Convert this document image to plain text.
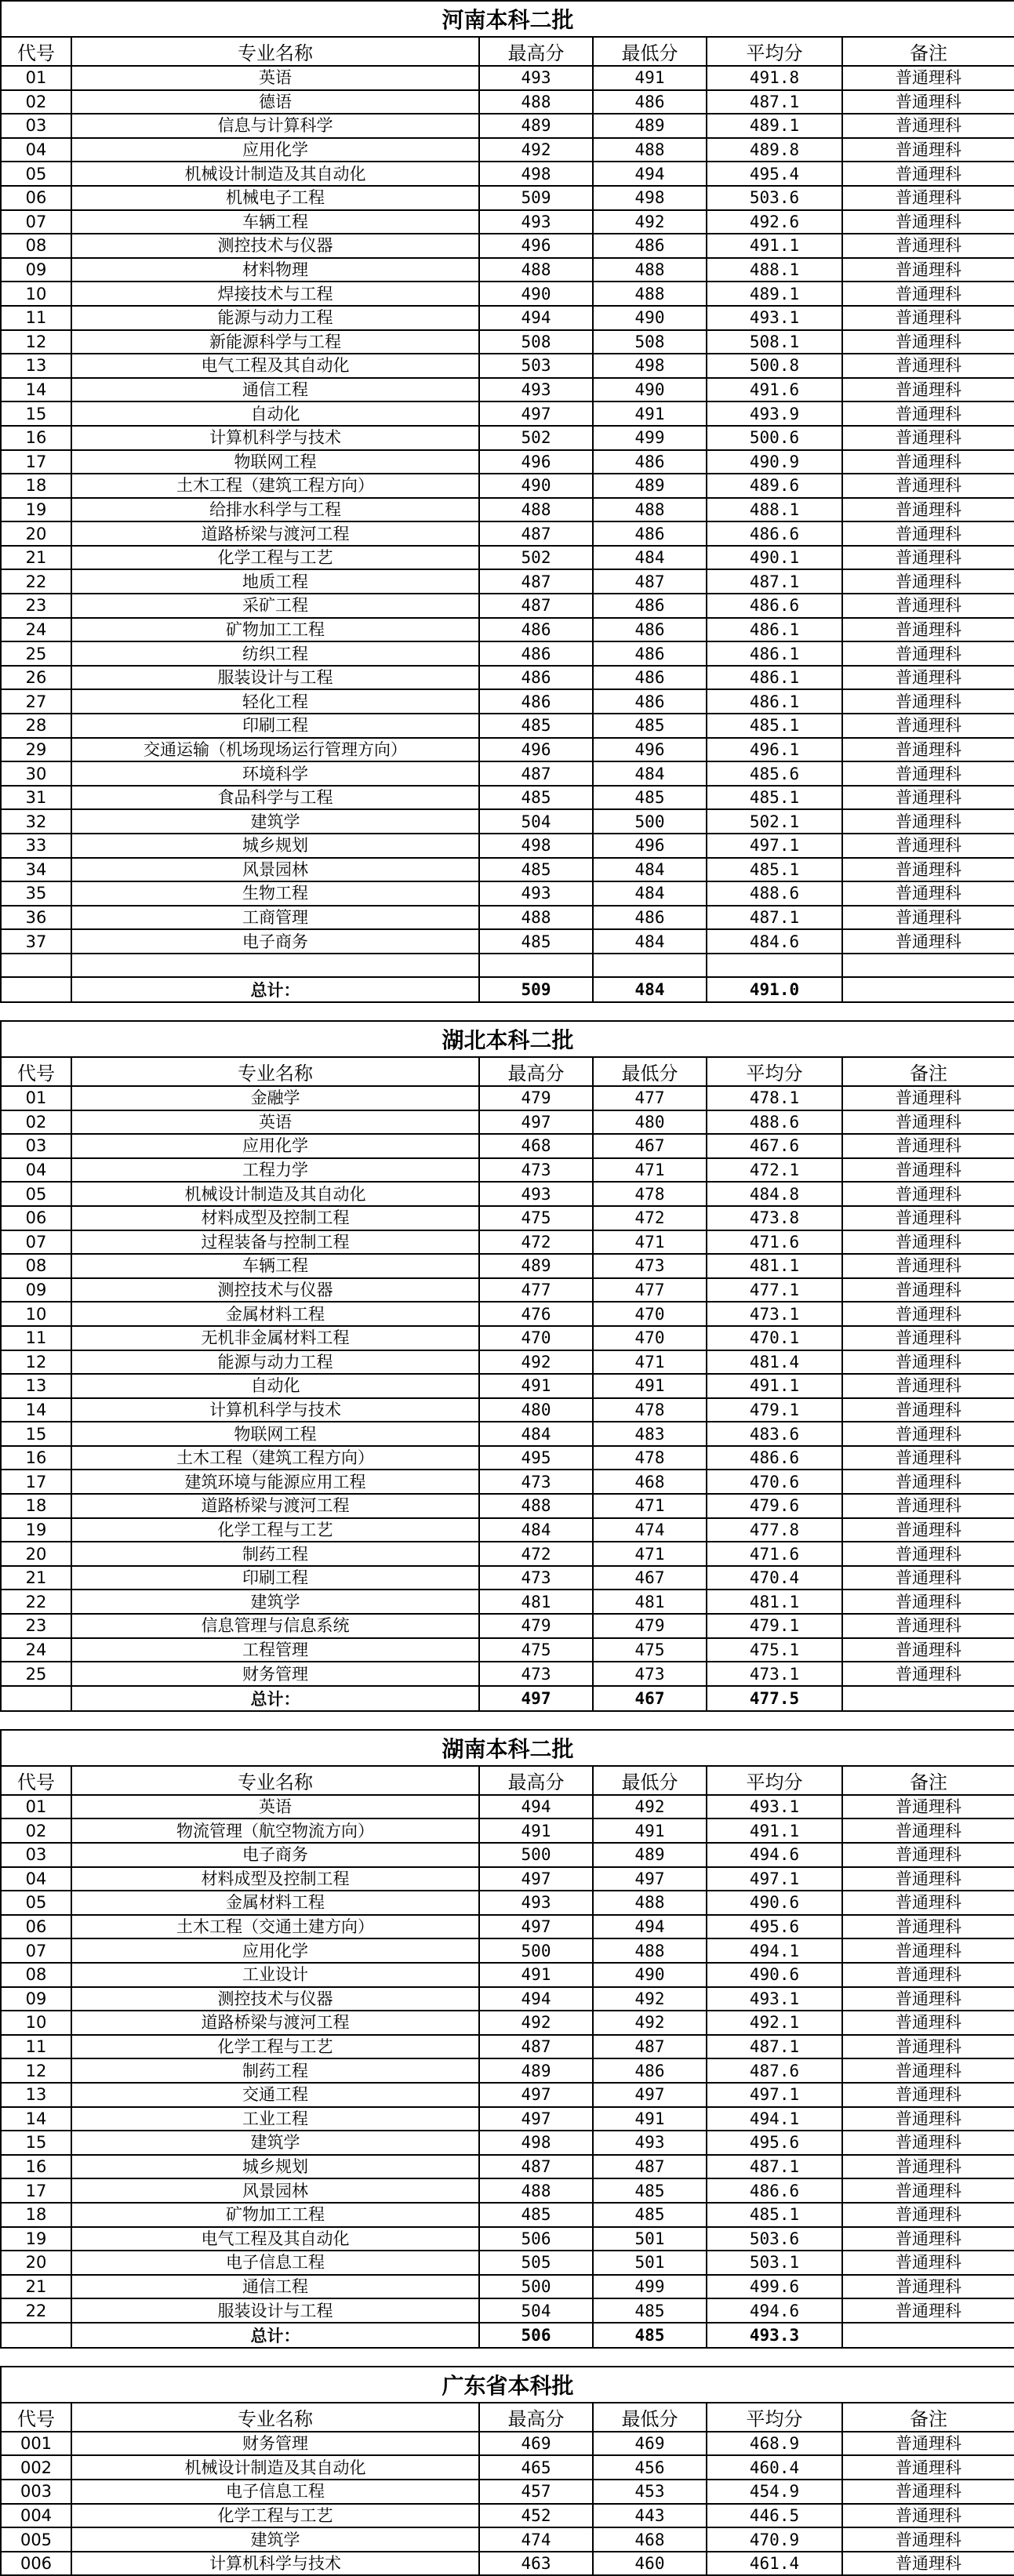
河南本科二批					
代号	专业名称	最高分	最低分	平均分	备注
01	英语	493	491	491.8	普通理科
02	德语	488	486	487.1	普通理科
03	信息与计算科学	489	489	489.1	普通理科
04	应用化学	492	488	489.8	普通理科
05	机械设计制造及其自动化	498	494	495.4	普通理科
06	机械电子工程	509	498	503.6	普通理科
07	车辆工程	493	492	492.6	普通理科
08	测控技术与仪器	496	486	491.1	普通理科
09	材料物理	488	488	488.1	普通理科
10	焊接技术与工程	490	488	489.1	普通理科
11	能源与动力工程	494	490	493.1	普通理科
12	新能源科学与工程	508	508	508.1	普通理科
13	电气工程及其自动化	503	498	500.8	普通理科
14	通信工程	493	490	491.6	普通理科
15	自动化	497	491	493.9	普通理科
16	计算机科学与技术	502	499	500.6	普通理科
17	物联网工程	496	486	490.9	普通理科
18	土木工程（建筑工程方向）	490	489	489.6	普通理科
19	给排水科学与工程	488	488	488.1	普通理科
20	道路桥梁与渡河工程	487	486	486.6	普通理科
21	化学工程与工艺	502	484	490.1	普通理科
22	地质工程	487	487	487.1	普通理科
23	采矿工程	487	486	486.6	普通理科
24	矿物加工工程	486	486	486.1	普通理科
25	纺织工程	486	486	486.1	普通理科
26	服装设计与工程	486	486	486.1	普通理科
27	轻化工程	486	486	486.1	普通理科
28	印刷工程	485	485	485.1	普通理科
29	交通运输（机场现场运行管理方向）	496	496	496.1	普通理科
30	环境科学	487	484	485.6	普通理科
31	食品科学与工程	485	485	485.1	普通理科
32	建筑学	504	500	502.1	普通理科
33	城乡规划	498	496	497.1	普通理科
34	风景园林	485	484	485.1	普通理科
35	生物工程	493	484	488.6	普通理科
36	工商管理	488	486	487.1	普通理科
37	电子商务	485	484	484.6	普通理科

	总计：	509	484	491.0	

湖北本科二批					
代号	专业名称	最高分	最低分	平均分	备注
01	金融学	479	477	478.1	普通理科
02	英语	497	480	488.6	普通理科
03	应用化学	468	467	467.6	普通理科
04	工程力学	473	471	472.1	普通理科
05	机械设计制造及其自动化	493	478	484.8	普通理科
06	材料成型及控制工程	475	472	473.8	普通理科
07	过程装备与控制工程	472	471	471.6	普通理科
08	车辆工程	489	473	481.1	普通理科
09	测控技术与仪器	477	477	477.1	普通理科
10	金属材料工程	476	470	473.1	普通理科
11	无机非金属材料工程	470	470	470.1	普通理科
12	能源与动力工程	492	471	481.4	普通理科
13	自动化	491	491	491.1	普通理科
14	计算机科学与技术	480	478	479.1	普通理科
15	物联网工程	484	483	483.6	普通理科
16	土木工程（建筑工程方向）	495	478	486.6	普通理科
17	建筑环境与能源应用工程	473	468	470.6	普通理科
18	道路桥梁与渡河工程	488	471	479.6	普通理科
19	化学工程与工艺	484	474	477.8	普通理科
20	制药工程	472	471	471.6	普通理科
21	印刷工程	473	467	470.4	普通理科
22	建筑学	481	481	481.1	普通理科
23	信息管理与信息系统	479	479	479.1	普通理科
24	工程管理	475	475	475.1	普通理科
25	财务管理	473	473	473.1	普通理科
	总计：	497	467	477.5	

湖南本科二批					
代号	专业名称	最高分	最低分	平均分	备注
01	英语	494	492	493.1	普通理科
02	物流管理（航空物流方向）	491	491	491.1	普通理科
03	电子商务	500	489	494.6	普通理科
04	材料成型及控制工程	497	497	497.1	普通理科
05	金属材料工程	493	488	490.6	普通理科
06	土木工程（交通土建方向）	497	494	495.6	普通理科
07	应用化学	500	488	494.1	普通理科
08	工业设计	491	490	490.6	普通理科
09	测控技术与仪器	494	492	493.1	普通理科
10	道路桥梁与渡河工程	492	492	492.1	普通理科
11	化学工程与工艺	487	487	487.1	普通理科
12	制药工程	489	486	487.6	普通理科
13	交通工程	497	497	497.1	普通理科
14	工业工程	497	491	494.1	普通理科
15	建筑学	498	493	495.6	普通理科
16	城乡规划	487	487	487.1	普通理科
17	风景园林	488	485	486.6	普通理科
18	矿物加工工程	485	485	485.1	普通理科
19	电气工程及其自动化	506	501	503.6	普通理科
20	电子信息工程	505	501	503.1	普通理科
21	通信工程	500	499	499.6	普通理科
22	服装设计与工程	504	485	494.6	普通理科
	总计：	506	485	493.3	

广东省本科批					
代号	专业名称	最高分	最低分	平均分	备注
001	财务管理	469	469	468.9	普通理科
002	机械设计制造及其自动化	465	456	460.4	普通理科
003	电子信息工程	457	453	454.9	普通理科
004	化学工程与工艺	452	443	446.5	普通理科
005	建筑学	474	468	470.9	普通理科
006	计算机科学与技术	463	460	461.4	普通理科
